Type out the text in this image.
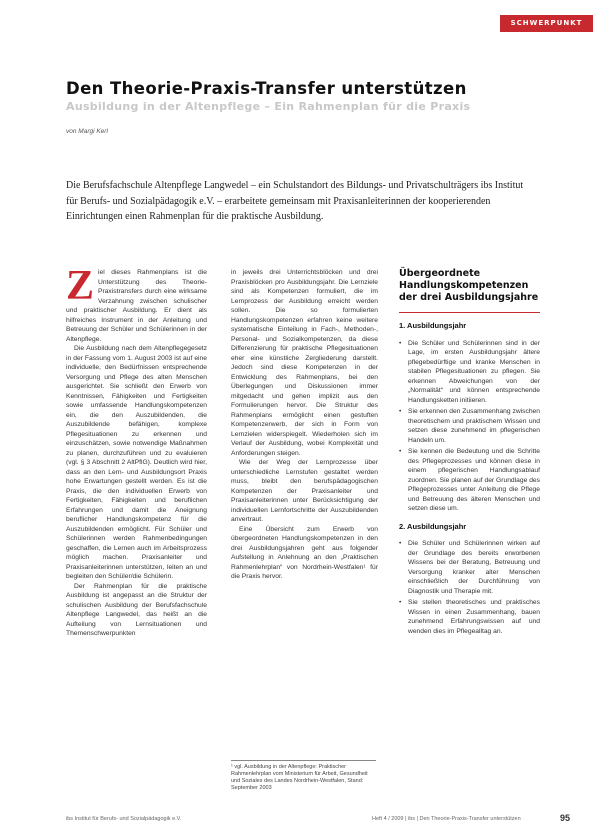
SCHWERPUNKT
Den Theorie-Praxis-Transfer unterstützen
Ausbildung in der Altenpflege – Ein Rahmenplan für die Praxis
von Margi Kerl
Die Berufsfachschule Altenpflege Langwedel – ein Schulstandort des Bildungs- und Privatschulträgers ibs Institut für Berufs- und Sozialpädagogik e.V. – erarbeitete gemeinsam mit Praxisanleiterinnen der kooperierenden Einrichtungen einen Rahmenplan für die praktische Ausbildung.

Ziel dieses Rahmenplans ist die Unterstützung des Theorie-Praxistransfers durch eine wirksame Verzahnung zwischen schulischer und praktischer Ausbildung. Er dient als hilfreiches Instrument in der Anleitung und Betreuung der Schüler und Schülerinnen in der Altenpflege.

Die Ausbildung nach dem Altenpflegegesetz in der Fassung vom 1. August 2003 ist auf eine individuelle, den Bedürfnissen entsprechende Versorgung und Pflege des alten Menschen ausgerichtet. Sie schließt den Erwerb von Kenntnissen, Fähigkeiten und Fertigkeiten sowie umfassende Handlungskompetenzen ein, die den Auszubildenden, die Auszubildende befähigen, komplexe Pflegesituationen zu erkennen und einzuschätzen, sowie notwendige Maßnahmen zu planen, durchzuführen und zu evaluieren (vgl. § 3 Abschnitt 2 AltPflG). Deutlich wird hier, dass an den Lern- und Ausbildungsort Praxis hohe Erwartungen gestellt werden. Es ist die Praxis, die den individuellen Erwerb von Fertigkeiten, Fähigkeiten und beruflichen Erfahrungen und damit die Aneignung beruflicher Handlungskompetenz für die Auszubildenden ermöglicht. Für Schüler und Schülerinnen werden Rahmenbedingungen geschaffen, die Lernen auch im Arbeitsprozess möglich machen. Praxisanleiter und Praxisanleiterinnen unterstützen, leiten an und begleiten den Schüler/die Schülerin.

Der Rahmenplan für die praktische Ausbildung ist angepasst an die Struktur der schulischen Ausbildung der Berufsfachschule Altenpflege Langwedel, das heißt an die Aufteilung von Lernsituationen und Themenschwerpunkten

in jeweils drei Unterrichtsblöcken und drei Praxisblöcken pro Ausbildungsjahr. Die Lernziele sind als Kompetenzen formuliert, die im Lernprozess der Ausbildung erreicht werden sollen. Die so formulierten Handlungskompetenzen erfahren keine weitere systematische Einteilung in Fach-, Methoden-, Personal- und Sozialkompetenzen, da diese Differenzierung für praktische Pflegesituationen eher eine künstliche Zergliederung darstellt. Jedoch sind diese Kompetenzen in der Entwicklung des Rahmenplans, bei den Überlegungen und Diskussionen immer mitgedacht und gehen implizit aus den Formulierungen hervor. Die Struktur des Rahmenplans ermöglicht einen gestuften Kompetenzerwerb, der sich in Form von Lernzielen widerspiegelt. Wiederholen sich im Verlauf der Ausbildung, wobei Komplexität und Anforderungen steigen.

Wie der Weg der Lernprozesse über unterschiedliche Lernstufen gestaltet werden muss, bleibt den berufspädagogischen Kompetenzen der Praxisanleiter und Praxisanleiterinnen unter Berücksichtigung der individuellen Lernfortschritte der Auszubildenden anvertraut.

Eine Übersicht zum Erwerb von übergeordneten Handlungskompetenzen in den drei Ausbildungsjahren geht aus folgender Aufstellung in Anlehnung an den „Praktischen Rahmenlehrplan“ von Nordrhein-Westfalen¹ für die Praxis hervor.

Übergeordnete Handlungskompetenzen der drei Ausbildungsjahre
1. Ausbildungsjahr
• Die Schüler und Schülerinnen sind in der Lage, im ersten Ausbildungsjahr ältere pflegebedürftige und kranke Menschen in stabilen Pflegesituationen zu pflegen. Sie erkennen Abweichungen von der „Normalität“ und können entsprechende Handlungsketten initiieren.
• Sie erkennen den Zusammenhang zwischen theoretischem und praktischem Wissen und setzen diese zunehmend im pflegerischen Handeln um.
• Sie kennen die Bedeutung und die Schritte des Pflegeprozesses und können diese in einem pflegerischen Handlungsablauf zuordnen. Sie planen auf der Grundlage des Pflegeprozesses unter Anleitung die Pflege und Betreuung des älteren Menschen und setzen diese um.
2. Ausbildungsjahr
• Die Schüler und Schülerinnen wirken auf der Grundlage des bereits erworbenen Wissens bei der Beratung, Betreuung und Versorgung kranker alter Menschen einschließlich der Durchführung von Diagnostik und Therapie mit.
• Sie stellen theoretisches und praktisches Wissen in einen Zusammenhang, bauen zunehmend Erfahrungswissen auf und wenden dies im Pflegealltag an.
¹ vgl. Ausbildung in der Altenpflege: Praktischer Rahmenlehrplan vom Ministerium für Arbeit, Gesundheit und Soziales des Landes Nordrhein-Westfalen, Stand: September 2003
ibs Institut für Berufs- und Sozialpädagogik e.V.	Heft 4 / 2009 | ibs | Den Theorie-Praxis-Transfer unterstützen	95
